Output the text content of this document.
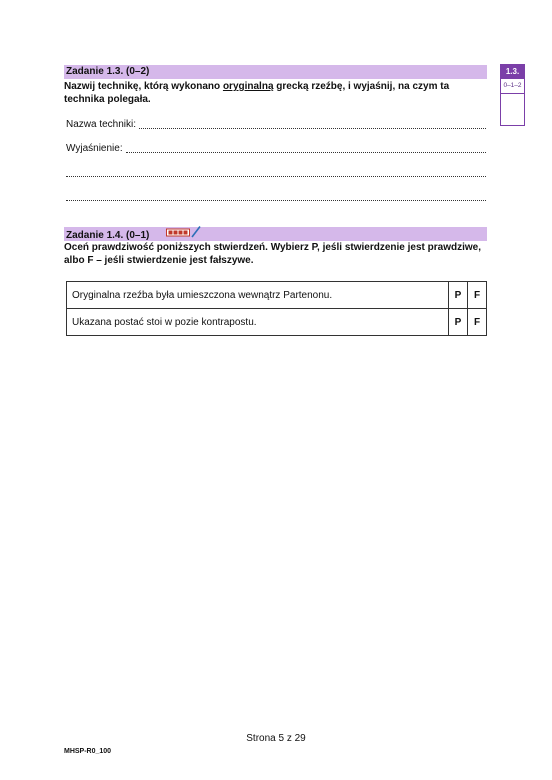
Zadanie 1.3. (0–2)
Nazwij technikę, którą wykonano oryginalną grecką rzeźbę, i wyjaśnij, na czym ta technika polegała.
Nazwa techniki:
Wyjaśnienie:
1.3.
0–1–2
Zadanie 1.4. (0–1)
Oceń prawdziwość poniższych stwierdzeń. Wybierz P, jeśli stwierdzenie jest prawdziwe, albo F – jeśli stwierdzenie jest fałszywe.
Oryginalna rzeźba była umieszczona wewnątrz Partenonu.	P	F
Ukazana postać stoi w pozie kontrapostu.	P	F
Strona 5 z 29
MHSP-R0_100
